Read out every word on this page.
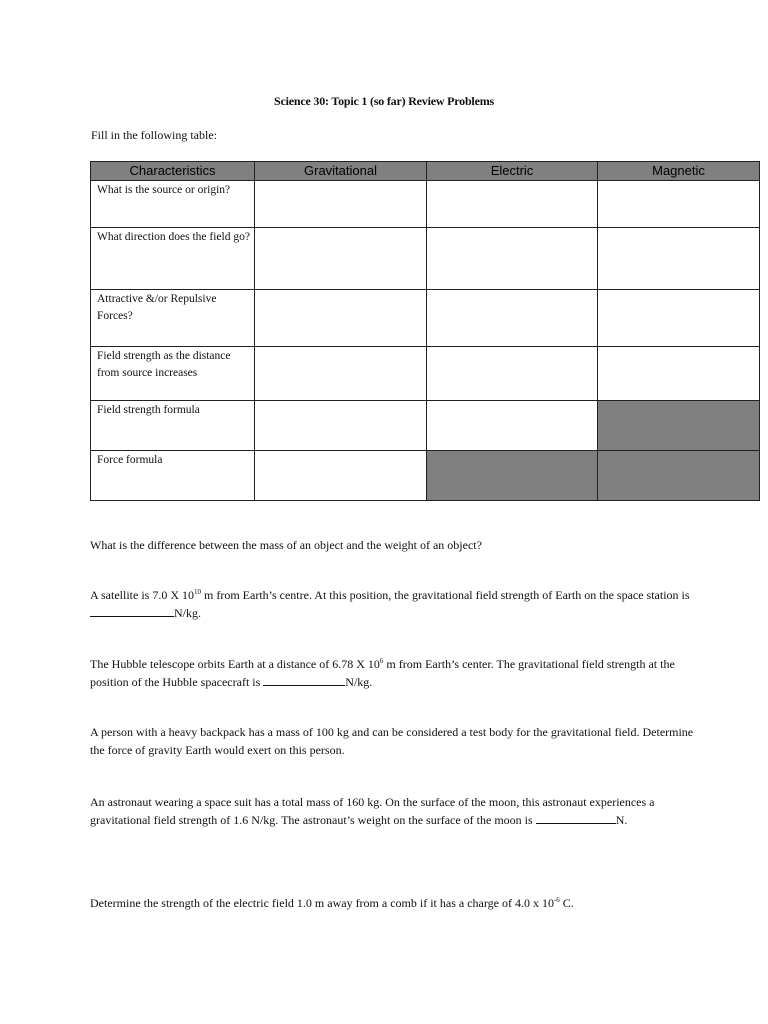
Science 30: Topic 1 (so far) Review Problems
Fill in the following table:
Characteristics	Gravitational	Electric	Magnetic
What is the source or origin?			
What direction does the field go?			
Attractive &/or Repulsive Forces?			
Field strength as the distance from source increases			
Field strength formula			
Force formula			
What is the difference between the mass of an object and the weight of an object?
A satellite is 7.0 X $10^{10}$ m from Earth’s centre. At this position, the gravitational field strength of Earth on the space station is N/kg.
The Hubble telescope orbits Earth at a distance of 6.78 X $10^6$ m from Earth’s center. The gravitational field strength at the position of the Hubble spacecraft is	N/kg.
A person with a heavy backpack has a mass of 100 kg and can be considered a test body for the gravitational field. Determine the force of gravity Earth would exert on this person.
An astronaut wearing a space suit has a total mass of 160 kg. On the surface of the moon, this astronaut experiences a gravitational field strength of 1.6 N/kg. The astronaut’s weight on the surface of the moon is	N.
Determine the strength of the electric field 1.0 m away from a comb if it has a charge of 4.0 x $10^{-6}$ C.
